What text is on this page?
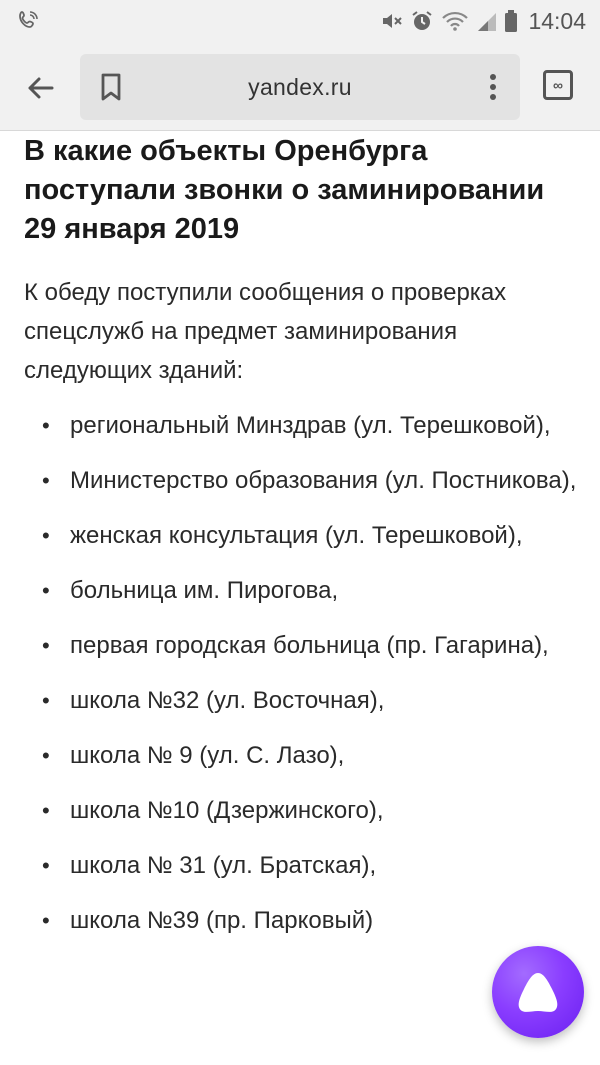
14:04
yandex.ru	∞
В какие объекты Оренбурга поступали звонки о заминировании 29 января 2019

К обеду поступили сообщения о проверках спецслужб на предмет заминирования следующих зданий:

• региональный Минздрав (ул. Терешковой),
• Министерство образования (ул. Постникова),
• женская консультация (ул. Терешковой),
• больница им. Пирогова,
• первая городская больница (пр. Гагарина),
• школа №32 (ул. Восточная),
• школа № 9 (ул. С. Лазо),
• школа №10 (Дзержинского),
• школа № 31 (ул. Братская),
• школа №39 (пр. Парковый)
